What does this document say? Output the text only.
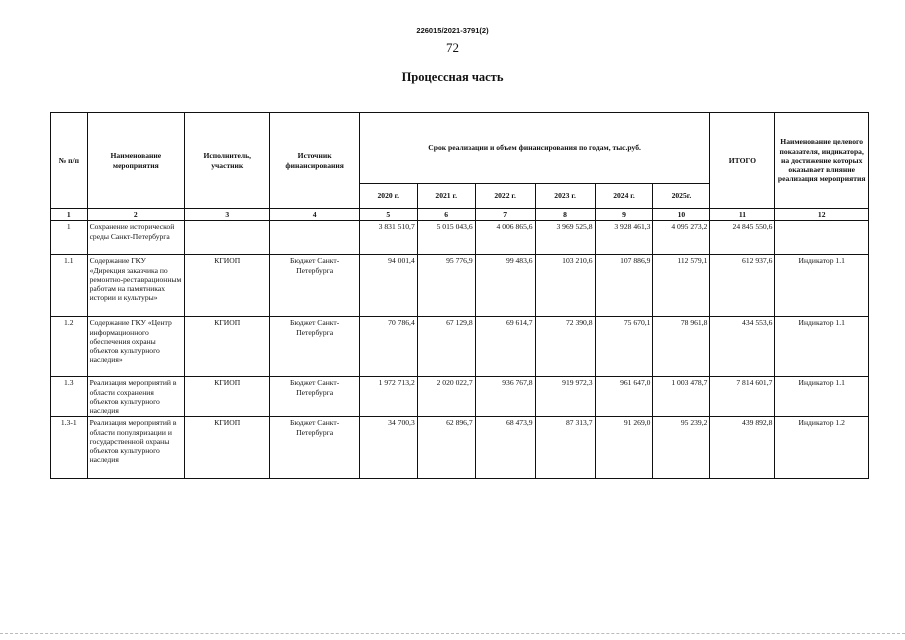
226015/2021-3791(2)
72
Процессная часть
№ п/п	Наименование мероприятия	Исполнитель, участник	Источник финансирования	Срок реализации и объем финансирования по годам, тыс.руб.						ИТОГО	Наименование целевого показателя, индикатора, на достижение которых оказывает влияние реализация мероприятия
				2020 г.	2021 г.	2022 г.	2023 г.	2024 г.	2025г.		
1	2	3	4	5	6	7	8	9	10	11	12
1	Сохранение исторической среды Санкт-Петербурга			3 831 510,7	5 015 043,6	4 006 865,6	3 969 525,8	3 928 461,3	4 095 273,2	24 845 550,6	
1.1	Содержание ГКУ «Дирекция заказчика по ремонтно-реставрационным работам на памятниках истории и культуры»	КГИОП	Бюджет Санкт-Петербурга	94 001,4	95 776,9	99 483,6	103 210,6	107 886,9	112 579,1	612 937,6	Индикатор 1.1
1.2	Содержание ГКУ «Центр информационного обеспечения охраны объектов культурного наследия»	КГИОП	Бюджет Санкт-Петербурга	70 786,4	67 129,8	69 614,7	72 390,8	75 670,1	78 961,8	434 553,6	Индикатор 1.1
1.3	Реализация мероприятий в области сохранения объектов культурного наследия	КГИОП	Бюджет Санкт-Петербурга	1 972 713,2	2 020 022,7	936 767,8	919 972,3	961 647,0	1 003 478,7	7 814 601,7	Индикатор 1.1
1.3-1	Реализация мероприятий в области популяризации и государственной охраны объектов культурного наследия	КГИОП	Бюджет Санкт-Петербурга	34 700,3	62 896,7	68 473,9	87 313,7	91 269,0	95 239,2	439 892,8	Индикатор 1.2
